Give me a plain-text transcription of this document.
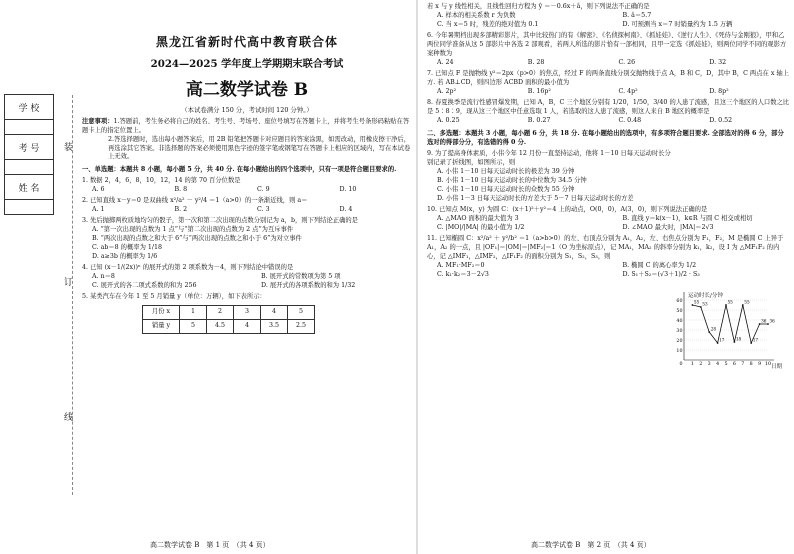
学 校

考 号

姓 名

装
订
线
黑龙江省新时代高中教育联合体
2024—2025 学年度上学期期末联合考试
高二数学试卷 B
（本试卷满分 150 分，考试时间 120 分钟。）

注意事项：1.答题前，考生务必将自己的姓名、考生号、考场号、座位号填写在答题卡上，并将考生号条形码粘贴在答题卡上的指定位置上。

2.答选择题时，选出每小题答案后，用 2B 铅笔把答题卡对应题目的答案涂黑，如需改动，用橡皮擦干净后，再选涂其它答案。非选择题的答案必须使用黑色字迹的签字笔或钢笔写在答题卡上相应的区域内，写在本试卷上无效。

一、单选题：本题共 8 小题，每小题 5 分，共 40 分. 在每小题给出的四个选项中，只有一项是符合题目要求的.
1. 数据 2，4，6，8，10，12，14 的第 70 百分位数是
A. 6	B. 8	C. 9	D. 10
2. 已知直线 x－y＝0 是双曲线 x²/a² － y²/4 ＝1（a>0）的一条渐近线，则 a＝
A. 1	B. 2	C. 3	D. 4
3. 先后抛掷两枚质地均匀的骰子，第一次和第二次出现的点数分别记为 a，b，则下列结论正确的是
A. “第一次出现的点数为 1 点”与“第二次出现的点数为 2 点”为互斥事件
B. “两次出现的点数之和大于 6”与“两次出现的点数之和小于 6”为对立事件
C. ab＝8 的概率为 1/18
D. a≥3b 的概率为 1/6
4. 已知 (x－1/(2x))ⁿ 的展开式的第 2 项系数为－4，则下列结论中错误的是
A. n＝8	B. 展开式的常数项为第 5 项
C. 展开式的各二项式系数的和为 256	D. 展开式的各项系数的和为 1/32
5. 某类汽车在今年 1 至 5 月销量 y（单位：万辆），如下表所示：
月份 x	1	2	3	4	5
销量 y	5	4.5	4	3.5	2.5
高二数学试卷 B　第 1 页　（共 4 页）
若 x 与 y 线性相关，且线性回归方程为 ŷ ＝－0.6x＋â，则下列说法不正确的是
A. 样本的相关系数 r 为负数	B. â＝5.7
C. 当 x＝5 时，残差的绝对值为 0.1	D. 可预测当 x＝7 时销量约为 1.5 万辆
6. 今年暑期档出现多部精彩影片，其中比较热门的有《解密》、《名侦探柯南》、《抓娃娃》、《逆行人生》、《死侍与金刚狼》，甲和乙两位同学准备从这 5 部影片中各选 2 部观看，若两人所选的影片恰有一部相同，且甲一定选《抓娃娃》，则两位同学不同的观影方案种数为
A. 24	B. 28	C. 26	D. 32
7. 已知点 F 是抛物线 y²＝2px（p>0）的焦点，经过 F 的两条直线分别交抛物线于点 A，B 和 C，D，其中 B，C 两点在 x 轴上方. 若 AB⊥CD，则四边形 ACBD 面积的最小值为
A. 2p²	B. 16p²	C. 4p²	D. 8p²
8. 春夏换季是流行性感冒爆发期，已知 A，B，C 三个地区分别有 1/20，1/50，3/40 的人患了流感，且这三个地区的人口数之比是 5∶8∶9，现从这三个地区中任意选取 1 人，若选取的这人患了流感，则这人来自 B 地区的概率是
A. 0.25	B. 0.27	C. 0.48	D. 0.52
二、多选题：本题共 3 小题，每小题 6 分，共 18 分. 在每小题给出的选项中，有多项符合题目要求. 全部选对的得 6 分，部分选对的得部分分，有选错的得 0 分.
9. 为了提高身体素质，小伟今年 12 月份一直坚持运动，他将 1－10 日每天运动时长分别记录了折线图，如图所示，则
A. 小伟 1－10 日每天运动时长的极差为 39 分钟
B. 小伟 1－10 日每天运动时长的中位数为 34.5 分钟
C. 小伟 1－10 日每天运动时长的众数为 55 分钟
D. 小伟 1－3 日每天运动时长的方差大于 5－7 日每天运动时长的方差
10. 已知点 M(x，y) 为圆 C：(x＋1)²＋y²＝4 上的动点，O(0，0)，A(3，0)，则下列说法正确的是
A. △MAO 面积的最大值为 3	B. 直线 y＝k(x－1)，k∈R 与圆 C 相交或相切
C. |MO|/|MA| 的最小值为 1/2	D. ∠MAO 最大时，|MA|＝2√3
11. 已知椭圆 C：x²/a² ＋ y²/b² ＝1（a>b>0）的左、右顶点分别为 A₁，A₂，左、右焦点分别为 F₁，F₂，M 是椭圆 C 上异于 A₁，A₂ 的一点，且 |OF₁|＝|OM|＝|MF₂|＝1（O 为坐标原点），记 MA₁，MA₂ 的斜率分别为 k₁，k₂，设 I 为 △MF₁F₂ 的内心，记 △IMF₁，△IMF₂，△IF₁F₂ 的面积分别为 S₁，S₂，S₃，则
A. MF₁·MF₂＝0	B. 椭圆 C 的离心率为 1/2
C. k₁·k₂＝3－2√3	D. S₁＋S₂＝(√3＋1)/2 · S₃
运动时长/分钟
日期
10
20
30
40
50
60
0 1 2 3 4 5 6 7 8 9 10
55 53
28
17
55
18
55
17
36 36
高二数学试卷 B　第 2 页　（共 4 页）
